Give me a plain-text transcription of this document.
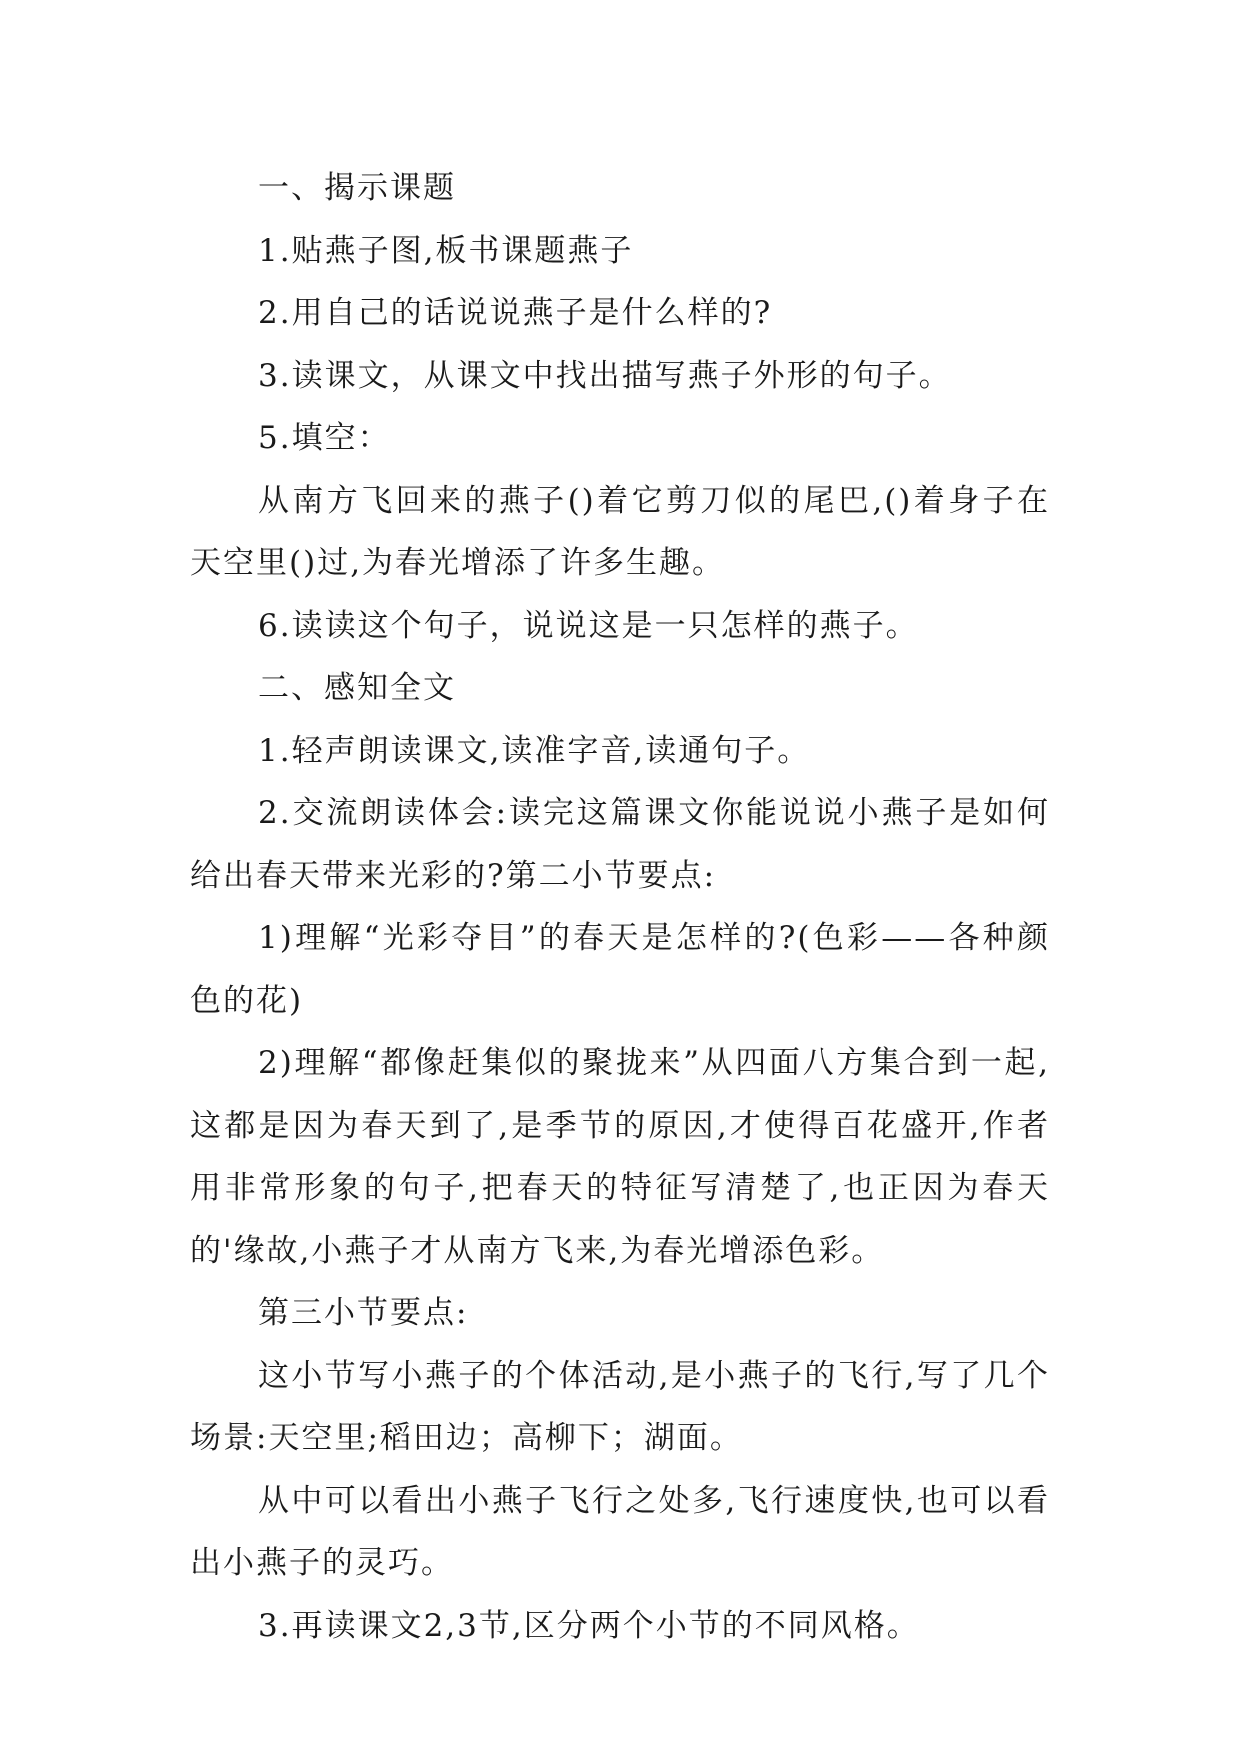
一、揭示课题

1.贴燕子图,板书课题燕子

2.用自己的话说说燕子是什么样的?

3.读课文，从课文中找出描写燕子外形的句子。

5.填空：

从南方飞回来的燕子()着它剪刀似的尾巴,()着身子在天空里()过,为春光增添了许多生趣。

6.读读这个句子，说说这是一只怎样的燕子。

二、感知全文

1.轻声朗读课文,读准字音,读通句子。

2.交流朗读体会:读完这篇课文你能说说小燕子是如何给出春天带来光彩的?第二小节要点:

1)理解“光彩夺目”的春天是怎样的?(色彩——各种颜色的花)

2)理解“都像赶集似的聚拢来”从四面八方集合到一起,这都是因为春天到了,是季节的原因,才使得百花盛开,作者用非常形象的句子,把春天的特征写清楚了,也正因为春天的'缘故,小燕子才从南方飞来,为春光增添色彩。

第三小节要点:

这小节写小燕子的个体活动,是小燕子的飞行,写了几个场景:天空里;稻田边；高柳下；湖面。

从中可以看出小燕子飞行之处多,飞行速度快,也可以看出小燕子的灵巧。

3.再读课文2,3节,区分两个小节的不同风格。
